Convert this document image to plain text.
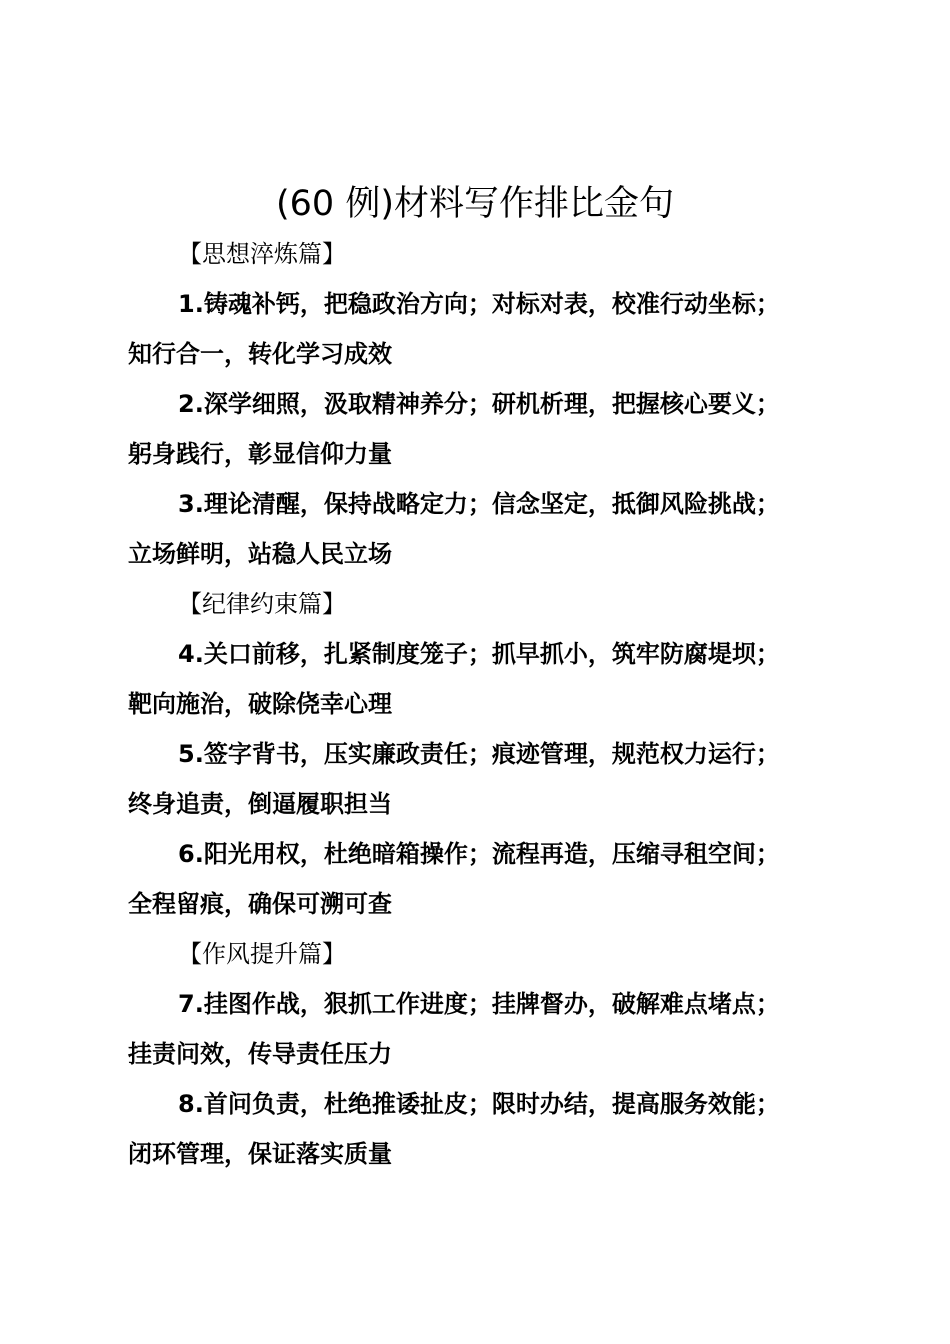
(60 例)材料写作排比金句
【思想淬炼篇】
1.铸魂补钙，把稳政治方向；对标对表，校准行动坐标；
知行合一，转化学习成效
2.深学细照，汲取精神养分；研机析理，把握核心要义；
躬身践行，彰显信仰力量
3.理论清醒，保持战略定力；信念坚定，抵御风险挑战；
立场鲜明，站稳人民立场
【纪律约束篇】
4.关口前移，扎紧制度笼子；抓早抓小，筑牢防腐堤坝；
靶向施治，破除侥幸心理
5.签字背书，压实廉政责任；痕迹管理，规范权力运行；
终身追责，倒逼履职担当
6.阳光用权，杜绝暗箱操作；流程再造，压缩寻租空间；
全程留痕，确保可溯可查
【作风提升篇】
7.挂图作战，狠抓工作进度；挂牌督办，破解难点堵点；
挂责问效，传导责任压力
8.首问负责，杜绝推诿扯皮；限时办结，提高服务效能；
闭环管理，保证落实质量
